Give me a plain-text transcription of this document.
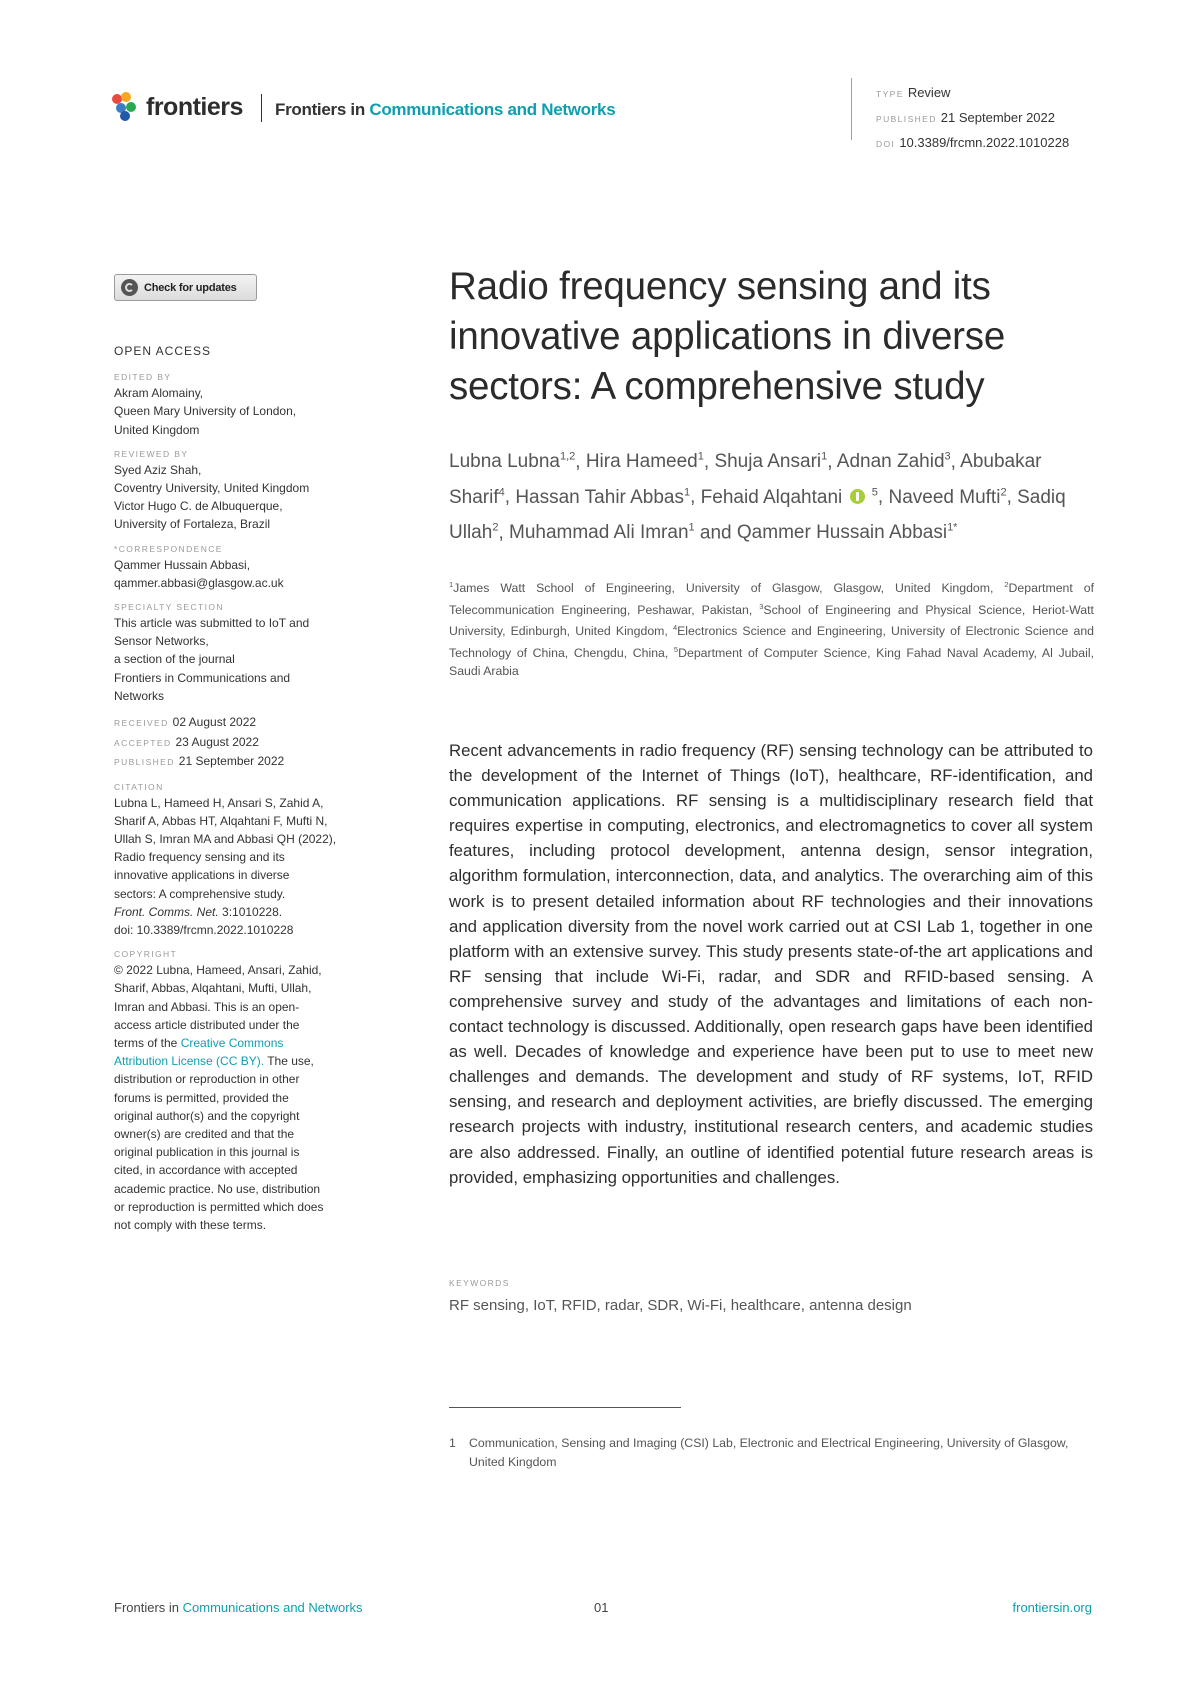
frontiers Frontiers in Communications and Networks
TYPE Review
PUBLISHED 21 September 2022
DOI 10.3389/frcmn.2022.1010228
Check for updates
OPEN ACCESS
EDITED BY
Akram Alomainy,
Queen Mary University of London,
United Kingdom
REVIEWED BY
Syed Aziz Shah,
Coventry University, United Kingdom
Victor Hugo C. de Albuquerque,
University of Fortaleza, Brazil
*CORRESPONDENCE
Qammer Hussain Abbasi,
qammer.abbasi@glasgow.ac.uk
SPECIALTY SECTION
This article was submitted to IoT and
Sensor Networks,
a section of the journal
Frontiers in Communications and
Networks
RECEIVED 02 August 2022
ACCEPTED 23 August 2022
PUBLISHED 21 September 2022
CITATION
Lubna L, Hameed H, Ansari S, Zahid A,
Sharif A, Abbas HT, Alqahtani F, Mufti N,
Ullah S, Imran MA and Abbasi QH (2022),
Radio frequency sensing and its
innovative applications in diverse
sectors: A comprehensive study.
Front. Comms. Net. 3:1010228.
doi: 10.3389/frcmn.2022.1010228
COPYRIGHT
© 2022 Lubna, Hameed, Ansari, Zahid,
Sharif, Abbas, Alqahtani, Mufti, Ullah,
Imran and Abbasi. This is an open-
access article distributed under the
terms of the Creative Commons
Attribution License (CC BY). The use,
distribution or reproduction in other
forums is permitted, provided the
original author(s) and the copyright
owner(s) are credited and that the
original publication in this journal is
cited, in accordance with accepted
academic practice. No use, distribution
or reproduction is permitted which does
not comply with these terms.
Radio frequency sensing and its
innovative applications in diverse
sectors: A comprehensive study
Lubna Lubna$^{1,2}$, Hira Hameed$^1$, Shuja Ansari$^1$, Adnan Zahid$^3$, Abubakar Sharif$^4$, Hassan Tahir Abbas$^1$, Fehaid Alqahtani	$^5$, Naveed Mufti$^2$, Sadiq Ullah$^2$, Muhammad Ali Imran$^1$ and Qammer Hussain Abbasi$^{1*}$
$^1$James Watt School of Engineering, University of Glasgow, Glasgow, United Kingdom, $^2$Department of Telecommunication Engineering, Peshawar, Pakistan, $^3$School of Engineering and Physical Science, Heriot-Watt University, Edinburgh, United Kingdom, $^4$Electronics Science and Engineering, University of Electronic Science and Technology of China, Chengdu, China, $^5$Department of Computer Science, King Fahad Naval Academy, Al Jubail, Saudi Arabia

Recent advancements in radio frequency (RF) sensing technology can be attributed to the development of the Internet of Things (IoT), healthcare, RF-identification, and communication applications. RF sensing is a multidisciplinary research field that requires expertise in computing, electronics, and electromagnetics to cover all system features, including protocol development, antenna design, sensor integration, algorithm formulation, interconnection, data, and analytics. The overarching aim of this work is to present detailed information about RF technologies and their innovations and application diversity from the novel work carried out at CSI Lab 1, together in one platform with an extensive survey. This study presents state-of-the art applications and RF sensing that include Wi-Fi, radar, and SDR and RFID-based sensing. A comprehensive survey and study of the advantages and limitations of each non-contact technology is discussed. Additionally, open research gaps have been identified as well. Decades of knowledge and experience have been put to use to meet new challenges and demands. The development and study of RF systems, IoT, RFID sensing, and research and deployment activities, are briefly discussed. The emerging research projects with industry, institutional research centers, and academic studies are also addressed. Finally, an outline of identified potential future research areas is provided, emphasizing opportunities and challenges.

KEYWORDS
RF sensing, IoT, RFID, radar, SDR, Wi-Fi, healthcare, antenna design
1	Communication, Sensing and Imaging (CSI) Lab, Electronic and Electrical Engineering, University of Glasgow, United Kingdom
Frontiers in Communications and Networks	01	frontiersin.org
